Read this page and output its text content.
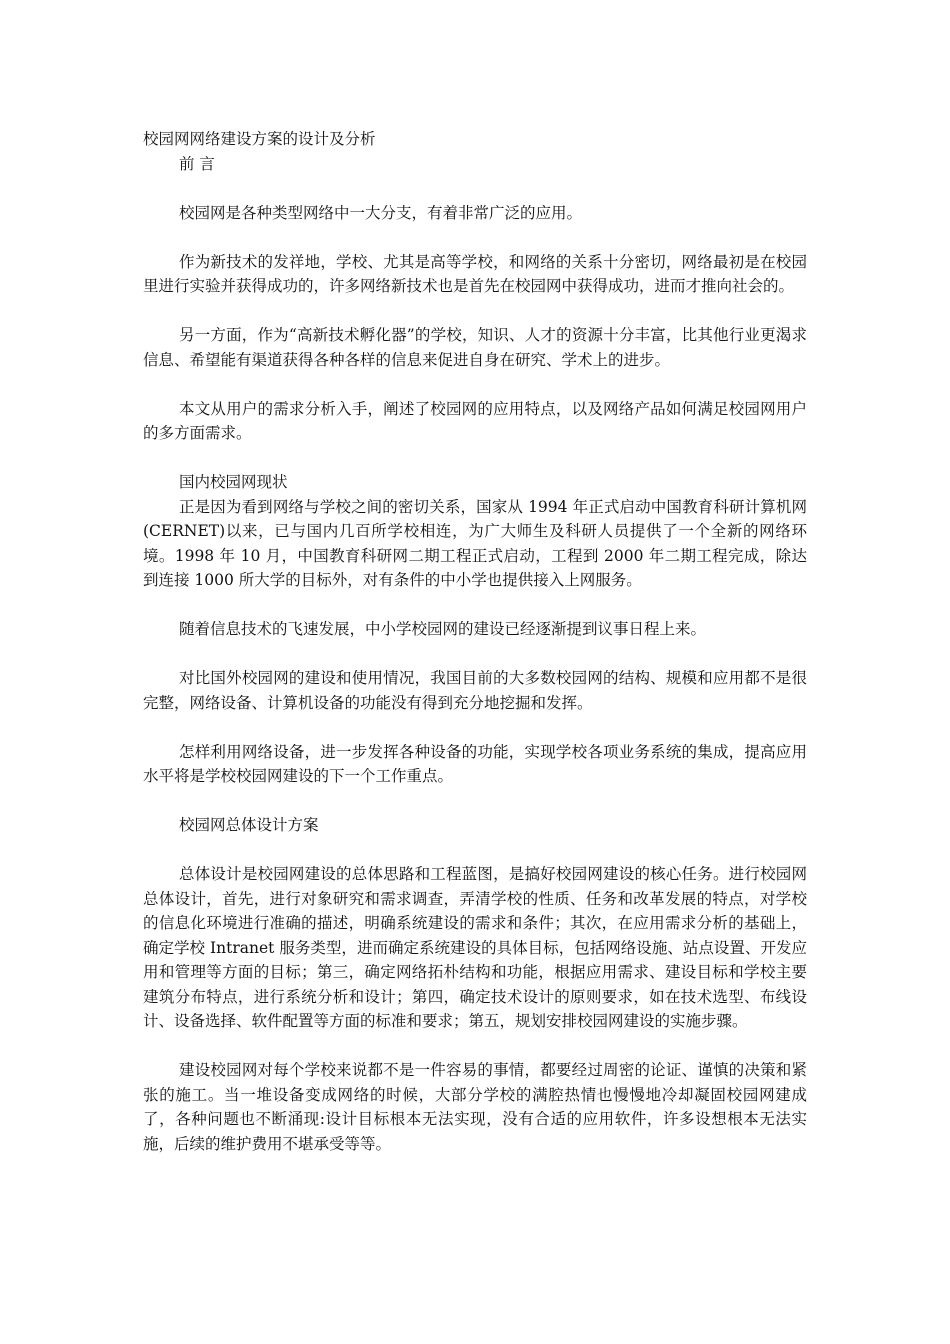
校园网网络建设方案的设计及分析

前 言

校园网是各种类型网络中一大分支，有着非常广泛的应用。

作为新技术的发祥地，学校、尤其是高等学校，和网络的关系十分密切，网络最初是在校园里进行实验并获得成功的，许多网络新技术也是首先在校园网中获得成功，进而才推向社会的。

另一方面，作为“高新技术孵化器”的学校，知识、人才的资源十分丰富，比其他行业更渴求信息、希望能有渠道获得各种各样的信息来促进自身在研究、学术上的进步。

本文从用户的需求分析入手，阐述了校园网的应用特点，以及网络产品如何满足校园网用户的多方面需求。

国内校园网现状

正是因为看到网络与学校之间的密切关系，国家从 1994 年正式启动中国教育科研计算机网(CERNET)以来，已与国内几百所学校相连，为广大师生及科研人员提供了一个全新的网络环境。1998 年 10 月，中国教育科研网二期工程正式启动，工程到 2000 年二期工程完成，除达到连接 1000 所大学的目标外，对有条件的中小学也提供接入上网服务。

随着信息技术的飞速发展，中小学校园网的建设已经逐渐提到议事日程上来。

对比国外校园网的建设和使用情况，我国目前的大多数校园网的结构、规模和应用都不是很完整，网络设备、计算机设备的功能没有得到充分地挖掘和发挥。

怎样利用网络设备，进一步发挥各种设备的功能，实现学校各项业务系统的集成，提高应用水平将是学校校园网建设的下一个工作重点。

校园网总体设计方案

总体设计是校园网建设的总体思路和工程蓝图，是搞好校园网建设的核心任务。进行校园网总体设计，首先，进行对象研究和需求调查，弄清学校的性质、任务和改革发展的特点，对学校的信息化环境进行准确的描述，明确系统建设的需求和条件；其次，在应用需求分析的基础上，确定学校 Intranet 服务类型，进而确定系统建设的具体目标，包括网络设施、站点设置、开发应用和管理等方面的目标；第三，确定网络拓朴结构和功能，根据应用需求、建设目标和学校主要建筑分布特点，进行系统分析和设计；第四，确定技术设计的原则要求，如在技术选型、布线设计、设备选择、软件配置等方面的标准和要求；第五，规划安排校园网建设的实施步骤。

建设校园网对每个学校来说都不是一件容易的事情，都要经过周密的论证、谨慎的决策和紧张的施工。当一堆设备变成网络的时候，大部分学校的满腔热情也慢慢地冷却凝固校园网建成了，各种问题也不断涌现:设计目标根本无法实现，没有合适的应用软件，许多设想根本无法实施，后续的维护费用不堪承受等等。
